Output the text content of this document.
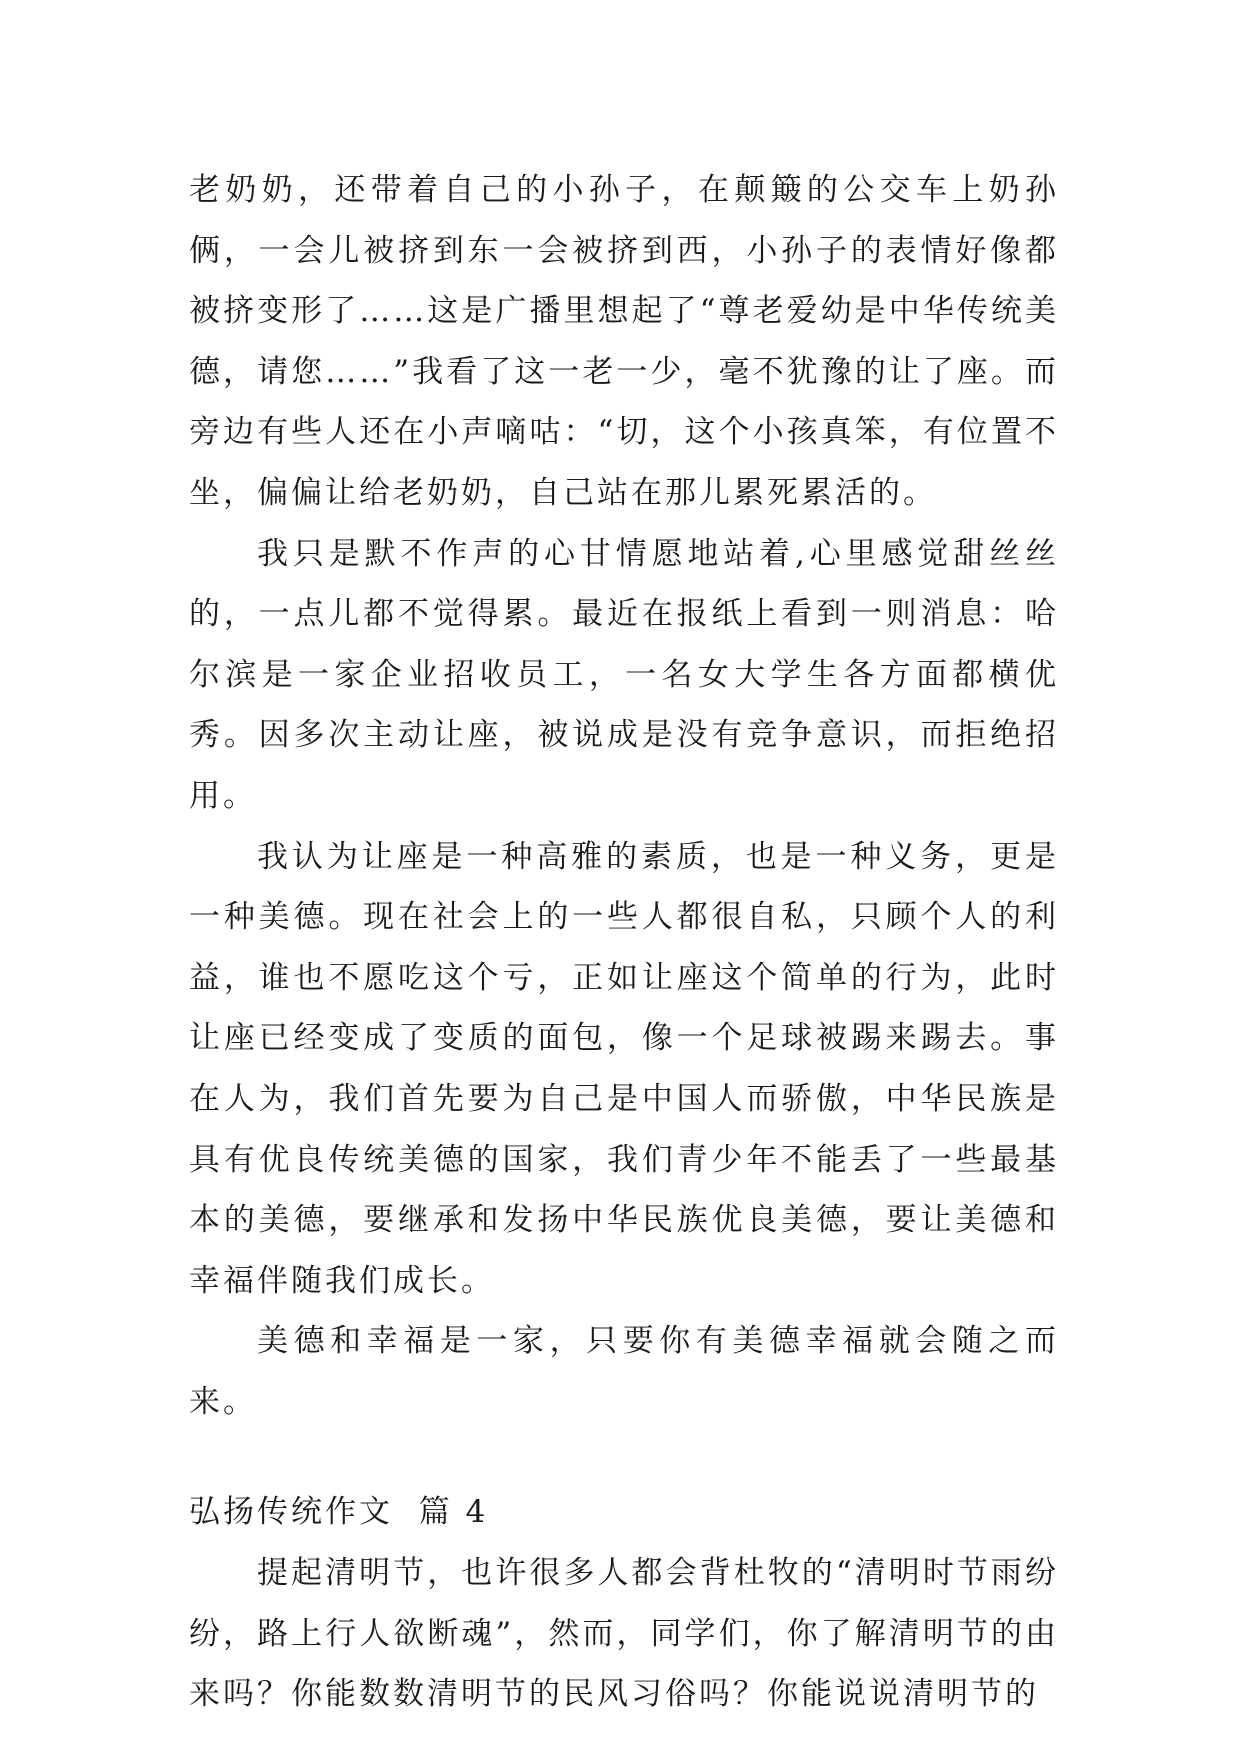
老奶奶，还带着自己的小孙子，在颠簸的公交车上奶孙俩，一会儿被挤到东一会被挤到西，小孙子的表情好像都被挤变形了……这是广播里想起了“尊老爱幼是中华传统美德，请您……”我看了这一老一少，毫不犹豫的让了座。而旁边有些人还在小声嘀咕：“切，这个小孩真笨，有位置不坐，偏偏让给老奶奶，自己站在那儿累死累活的。

我只是默不作声的心甘情愿地站着,心里感觉甜丝丝的，一点儿都不觉得累。最近在报纸上看到一则消息：哈尔滨是一家企业招收员工，一名女大学生各方面都横优秀。因多次主动让座，被说成是没有竞争意识，而拒绝招用。

我认为让座是一种高雅的素质，也是一种义务，更是一种美德。现在社会上的一些人都很自私，只顾个人的利益，谁也不愿吃这个亏，正如让座这个简单的行为，此时让座已经变成了变质的面包，像一个足球被踢来踢去。事在人为，我们首先要为自己是中国人而骄傲，中华民族是具有优良传统美德的国家，我们青少年不能丢了一些最基本的美德，要继承和发扬中华民族优良美德，要让美德和幸福伴随我们成长。

美德和幸福是一家，只要你有美德幸福就会随之而来。

弘扬传统作文  篇 4

提起清明节，也许很多人都会背杜牧的“清明时节雨纷纷，路上行人欲断魂”，然而，同学们，你了解清明节的由来吗？你能数数清明节的民风习俗吗？你能说说清明节的
